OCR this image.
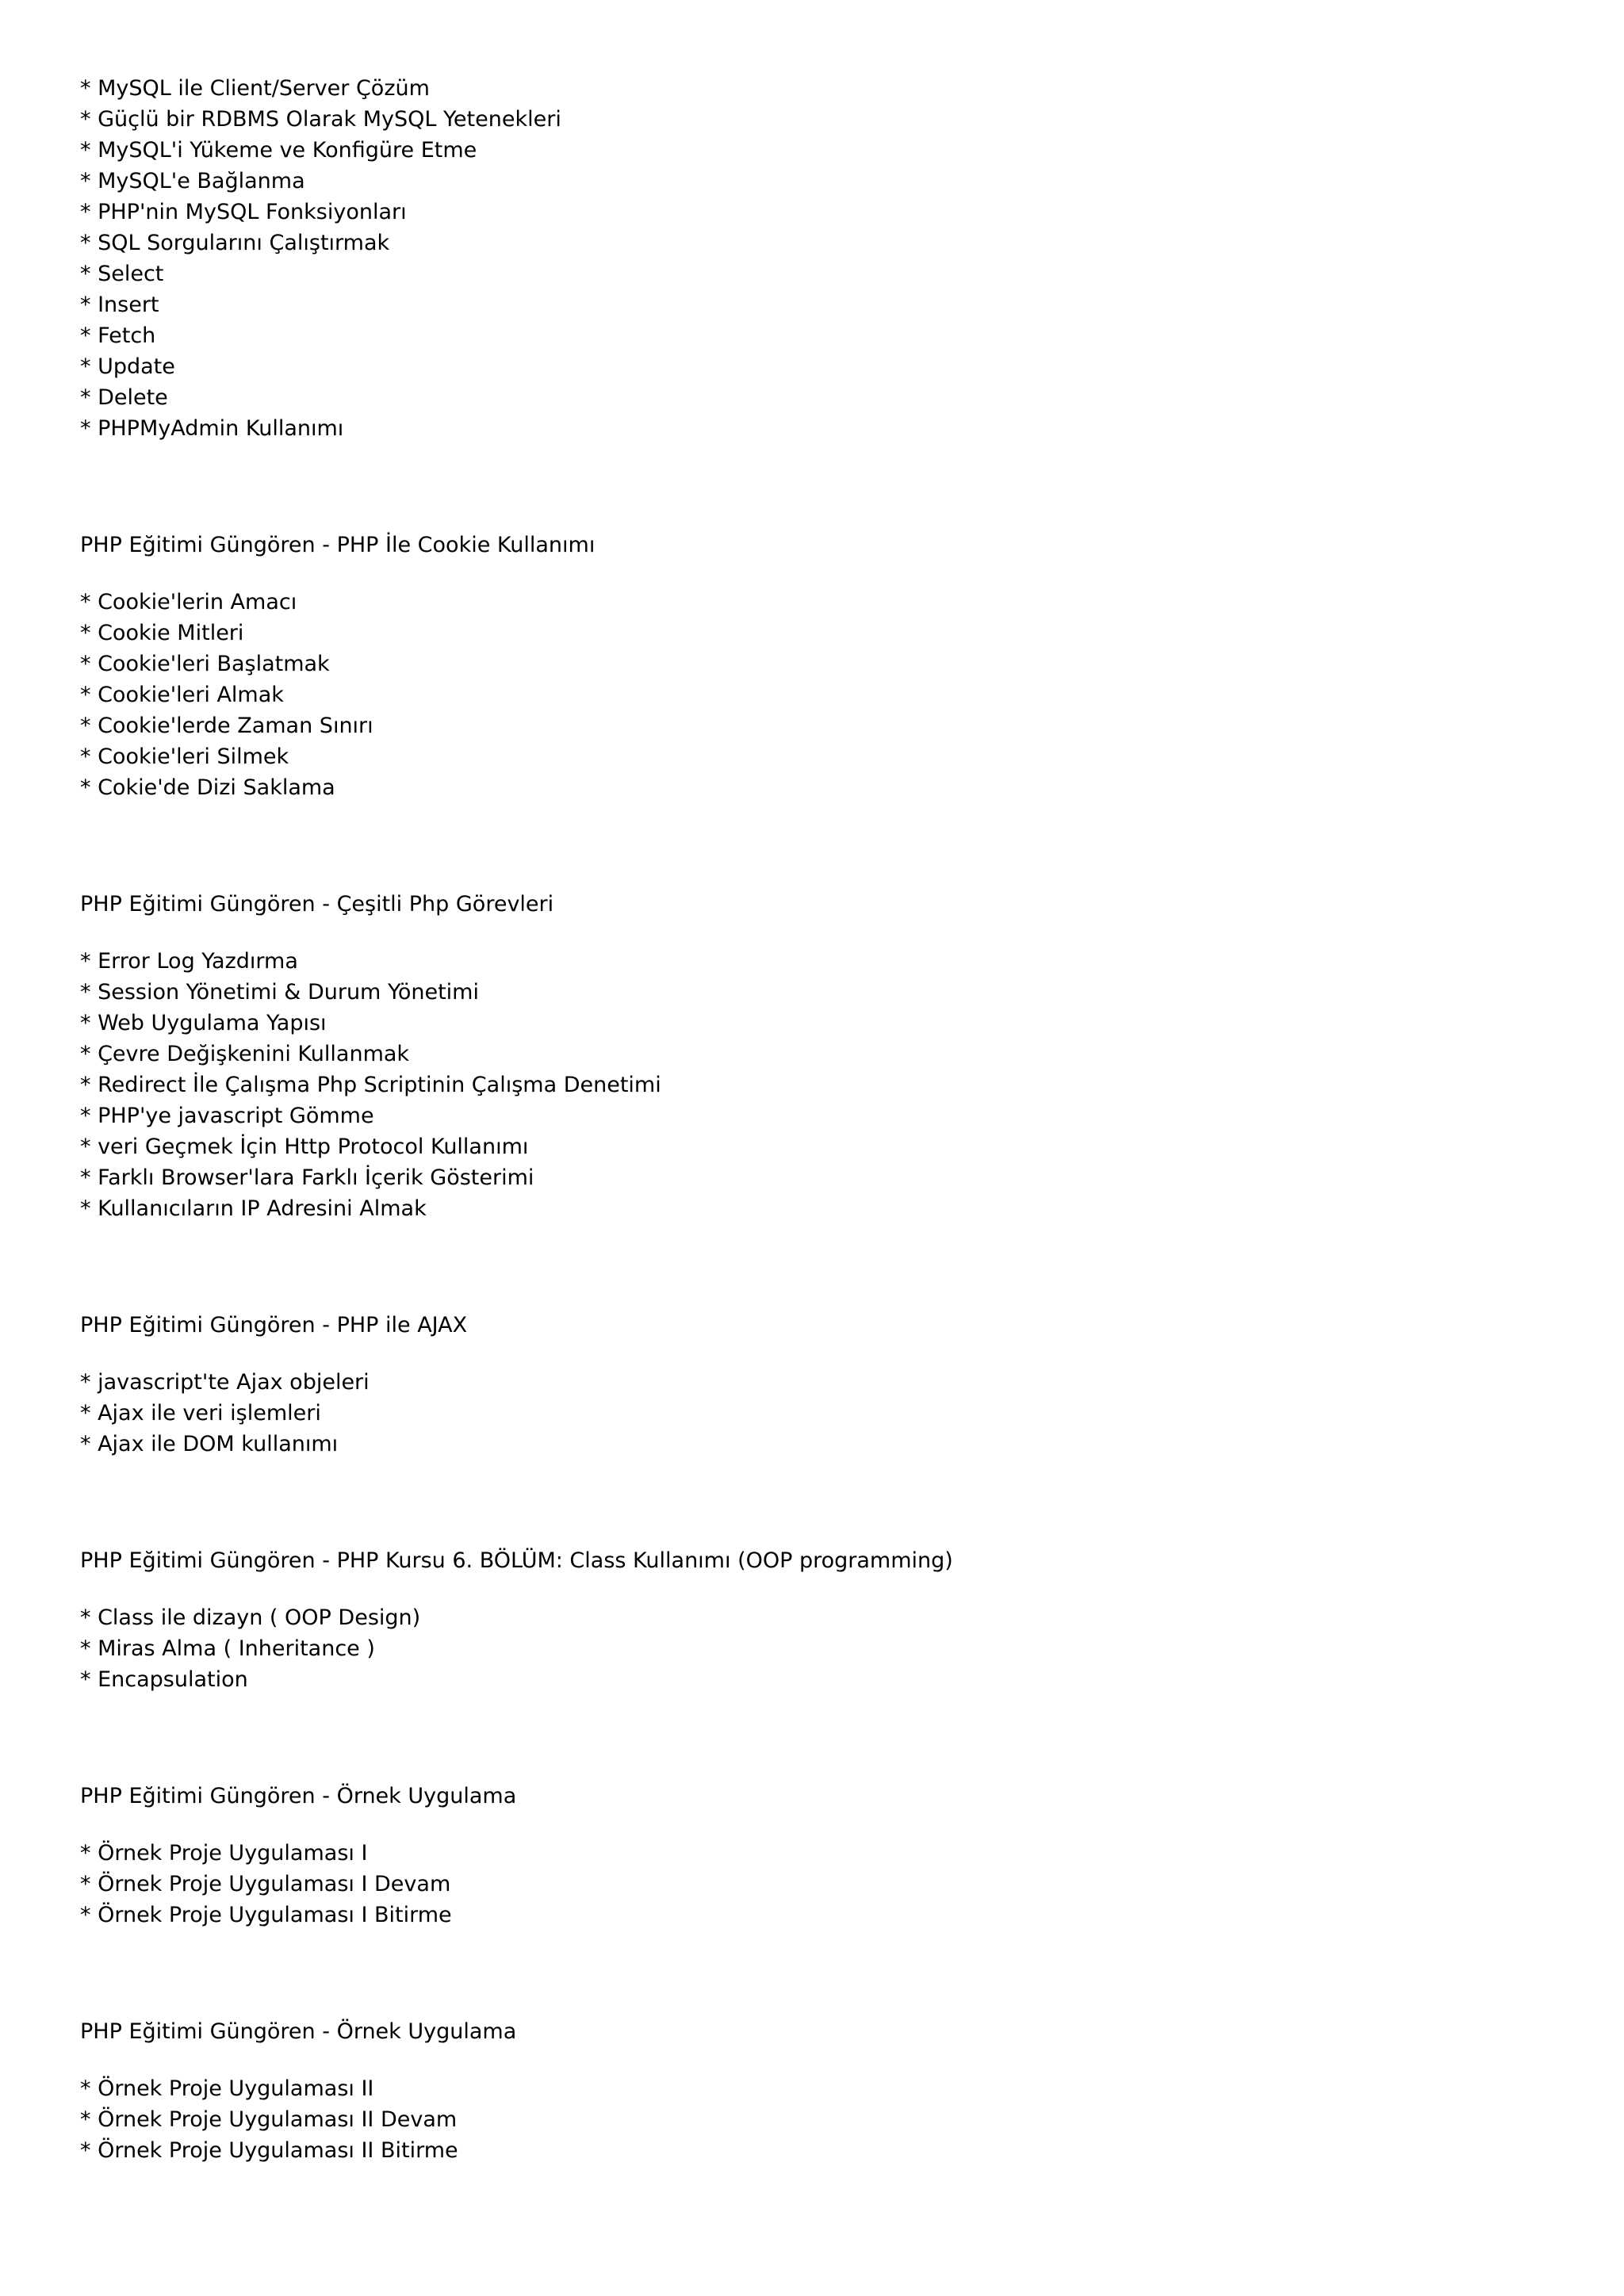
* MySQL ile Client/Server Çözüm

* Güçlü bir RDBMS Olarak MySQL Yetenekleri

* MySQL'i Yükeme ve Konfigüre Etme

* MySQL'e Bağlanma

* PHP'nin MySQL Fonksiyonları

* SQL Sorgularını Çalıştırmak

* Select

* Insert

* Fetch

* Update

* Delete

* PHPMyAdmin Kullanımı

PHP Eğitimi Güngören - PHP İle Cookie Kullanımı

* Cookie'lerin Amacı

* Cookie Mitleri

* Cookie'leri Başlatmak

* Cookie'leri Almak

* Cookie'lerde Zaman Sınırı

* Cookie'leri Silmek

* Cokie'de Dizi Saklama

PHP Eğitimi Güngören - Çeşitli Php Görevleri

* Error Log Yazdırma

* Session Yönetimi & Durum Yönetimi

* Web Uygulama Yapısı

* Çevre Değişkenini Kullanmak

* Redirect İle Çalışma Php Scriptinin Çalışma Denetimi

* PHP'ye javascript Gömme

* veri Geçmek İçin Http Protocol Kullanımı

* Farklı Browser'lara Farklı İçerik Gösterimi

* Kullanıcıların IP Adresini Almak

PHP Eğitimi Güngören - PHP ile AJAX

* javascript'te Ajax objeleri

* Ajax ile veri işlemleri

* Ajax ile DOM kullanımı

PHP Eğitimi Güngören - PHP Kursu 6. BÖLÜM: Class Kullanımı (OOP programming)

* Class ile dizayn ( OOP Design)

* Miras Alma ( Inheritance )

* Encapsulation

PHP Eğitimi Güngören - Örnek Uygulama

* Örnek Proje Uygulaması I

* Örnek Proje Uygulaması I Devam

* Örnek Proje Uygulaması I Bitirme

PHP Eğitimi Güngören - Örnek Uygulama

* Örnek Proje Uygulaması II

* Örnek Proje Uygulaması II Devam

* Örnek Proje Uygulaması II Bitirme
